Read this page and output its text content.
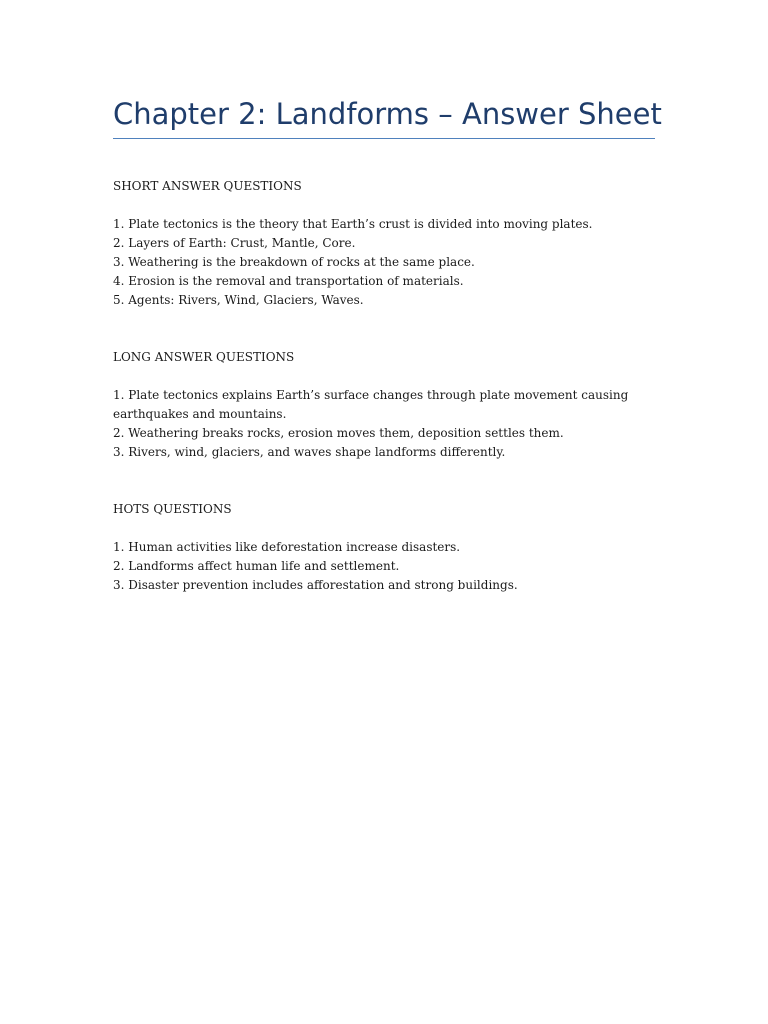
Chapter 2: Landforms – Answer Sheet

SHORT ANSWER QUESTIONS

1. Plate tectonics is the theory that Earth’s crust is divided into moving plates.
2. Layers of Earth: Crust, Mantle, Core.
3. Weathering is the breakdown of rocks at the same place.
4. Erosion is the removal and transportation of materials.
5. Agents: Rivers, Wind, Glaciers, Waves.

LONG ANSWER QUESTIONS

1. Plate tectonics explains Earth’s surface changes through plate movement causing earthquakes and mountains.
2. Weathering breaks rocks, erosion moves them, deposition settles them.
3. Rivers, wind, glaciers, and waves shape landforms differently.

HOTS QUESTIONS

1. Human activities like deforestation increase disasters.
2. Landforms affect human life and settlement.
3. Disaster prevention includes afforestation and strong buildings.
